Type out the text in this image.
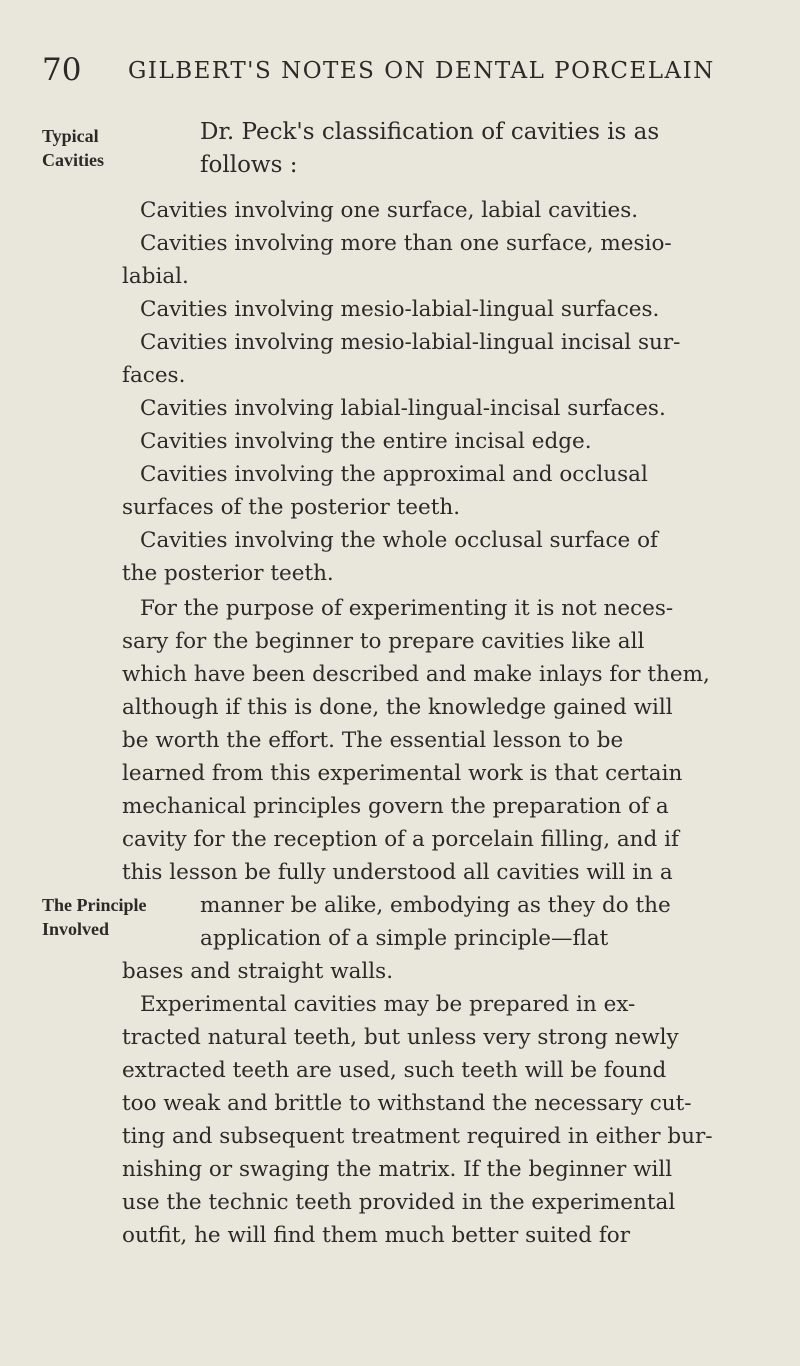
70 GILBERT'S NOTES ON DENTAL PORCELAIN
Typical
Cavities
Dr. Peck's classification of cavities is as
follows :
Cavities involving one surface, labial cavities.
Cavities involving more than one surface, mesio-
labial.
Cavities involving mesio-labial-lingual surfaces.
Cavities involving mesio-labial-lingual incisal sur-
faces.
Cavities involving labial-lingual-incisal surfaces.
Cavities involving the entire incisal edge.
Cavities involving the approximal and occlusal
surfaces of the posterior teeth.
Cavities involving the whole occlusal surface of
the posterior teeth.
For the purpose of experimenting it is not neces-
sary for the beginner to prepare cavities like all
which have been described and make inlays for them,
although if this is done, the knowledge gained will
be worth the effort. The essential lesson to be
learned from this experimental work is that certain
mechanical principles govern the preparation of a
cavity for the reception of a porcelain filling, and if
this lesson be fully understood all cavities will in a
The Principle
Involved
manner be alike, embodying as they do the
application of a simple principle—flat
bases and straight walls.
Experimental cavities may be prepared in ex-
tracted natural teeth, but unless very strong newly
extracted teeth are used, such teeth will be found
too weak and brittle to withstand the necessary cut-
ting and subsequent treatment required in either bur-
nishing or swaging the matrix. If the beginner will
use the technic teeth provided in the experimental
outfit, he will find them much better suited for
